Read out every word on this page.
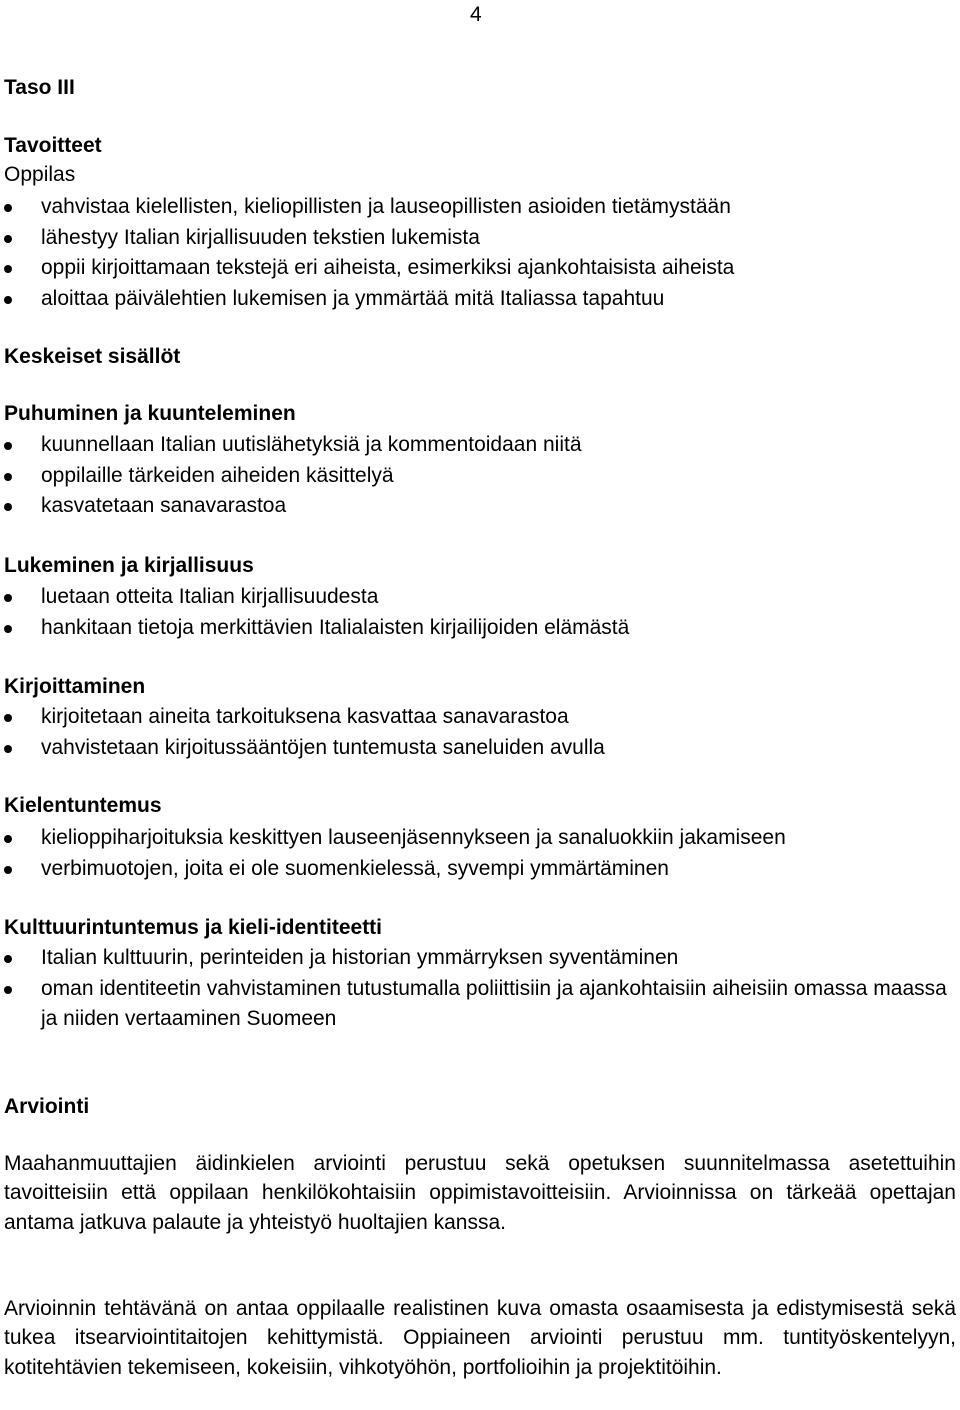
4
Taso III
Tavoitteet
Oppilas
vahvistaa kielellisten, kieliopillisten ja lauseopillisten asioiden tietämystään
lähestyy Italian kirjallisuuden tekstien lukemista
oppii kirjoittamaan tekstejä eri aiheista, esimerkiksi ajankohtaisista aiheista
aloittaa päivälehtien lukemisen ja ymmärtää mitä Italiassa tapahtuu
Keskeiset sisällöt
Puhuminen ja kuunteleminen
kuunnellaan Italian uutislähetyksiä ja kommentoidaan niitä
oppilaille tärkeiden aiheiden käsittelyä
kasvatetaan sanavarastoa
Lukeminen ja kirjallisuus
luetaan otteita Italian kirjallisuudesta
hankitaan tietoja merkittävien Italialaisten kirjailijoiden elämästä
Kirjoittaminen
kirjoitetaan aineita tarkoituksena kasvattaa sanavarastoa
vahvistetaan kirjoitussääntöjen tuntemusta saneluiden avulla
Kielentuntemus
kielioppiharjoituksia keskittyen lauseenjäsennykseen ja sanaluokkiin jakamiseen
verbimuotojen, joita ei ole suomenkielessä, syvempi ymmärtäminen
Kulttuurintuntemus ja kieli-identiteetti
Italian kulttuurin, perinteiden ja historian ymmärryksen syventäminen
oman identiteetin vahvistaminen tutustumalla poliittisiin ja ajankohtaisiin aiheisiin omassa maassa ja niiden vertaaminen Suomeen
Arviointi

Maahanmuuttajien äidinkielen arviointi perustuu sekä opetuksen suunnitelmassa asetettuihin tavoitteisiin että oppilaan henkilökohtaisiin oppimistavoitteisiin. Arvioinnissa on tärkeää opettajan antama jatkuva palaute ja yhteistyö huoltajien kanssa.

Arvioinnin tehtävänä on antaa oppilaalle realistinen kuva omasta osaamisesta ja edistymisestä sekä tukea itsearviointitaitojen kehittymistä. Oppiaineen arviointi perustuu mm. tuntityöskentelyyn, kotitehtävien tekemiseen, kokeisiin, vihkotyöhön, portfolioihin ja projektitöihin.
